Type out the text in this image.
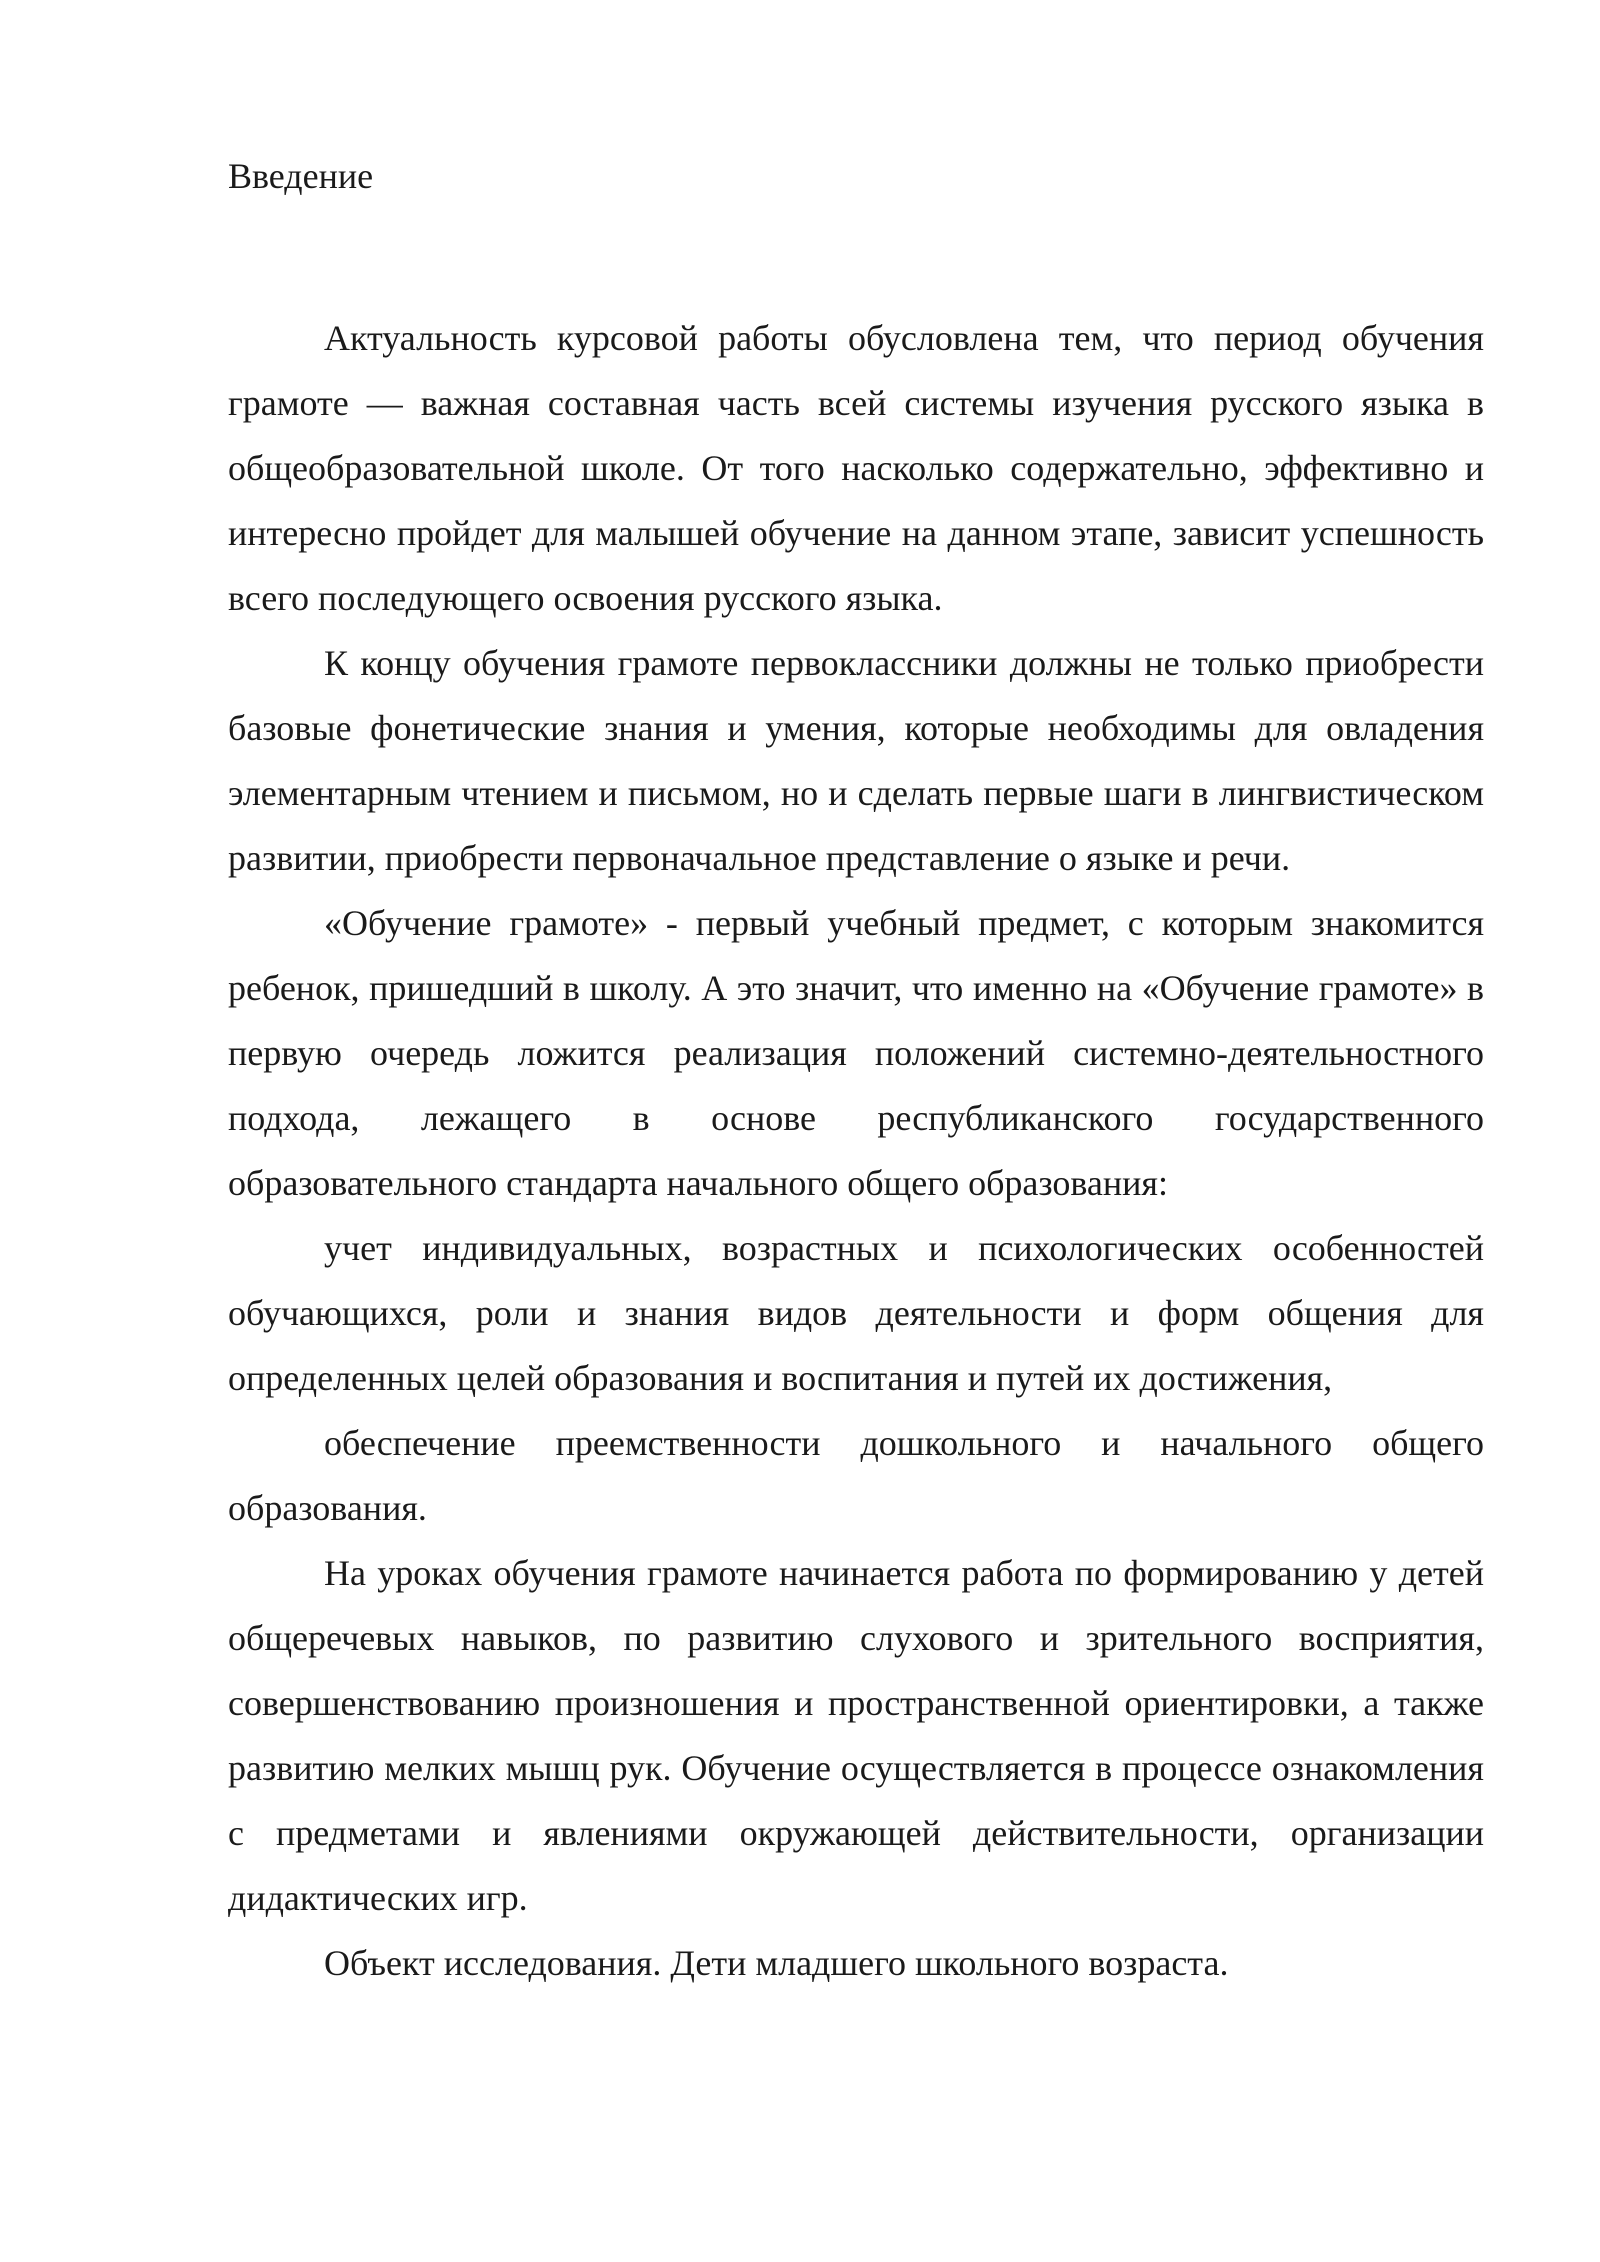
Введение

Актуальность курсовой работы обусловлена тем, что период обучения грамоте — важная составная часть всей системы изучения русского языка в общеобразовательной школе. От того насколько содержательно, эффективно и интересно пройдет для малышей обучение на данном этапе, зависит успешность всего последующего освоения русского языка.

К концу обучения грамоте первоклассники должны не только приобрести базовые фонетические знания и умения, которые необходимы для овладения элементарным чтением и письмом, но и сделать первые шаги в лингвистическом развитии, приобрести первоначальное представление о языке и речи.

«Обучение грамоте» - первый учебный предмет, с которым знакомится ребенок, пришедший в школу. А это значит, что именно на «Обучение грамоте» в первую очередь ложится реализация положений системно-деятельностного подхода, лежащего в основе республиканского государственного образовательного стандарта начального общего образования:

учет индивидуальных, возрастных и психологических особенностей обучающихся, роли и знания видов деятельности и форм общения для определенных целей образования и воспитания и путей их достижения,

обеспечение преемственности дошкольного и начального общего образования.

На уроках обучения грамоте начинается работа по формированию у детей общеречевых навыков, по развитию слухового и зрительного восприятия, совершенствованию произношения и пространственной ориентировки, а также развитию мелких мышц рук. Обучение осуществляется в процессе ознакомления с предметами и явлениями окружающей действительности, организации дидактических игр.

Объект исследования. Дети младшего школьного возраста.
